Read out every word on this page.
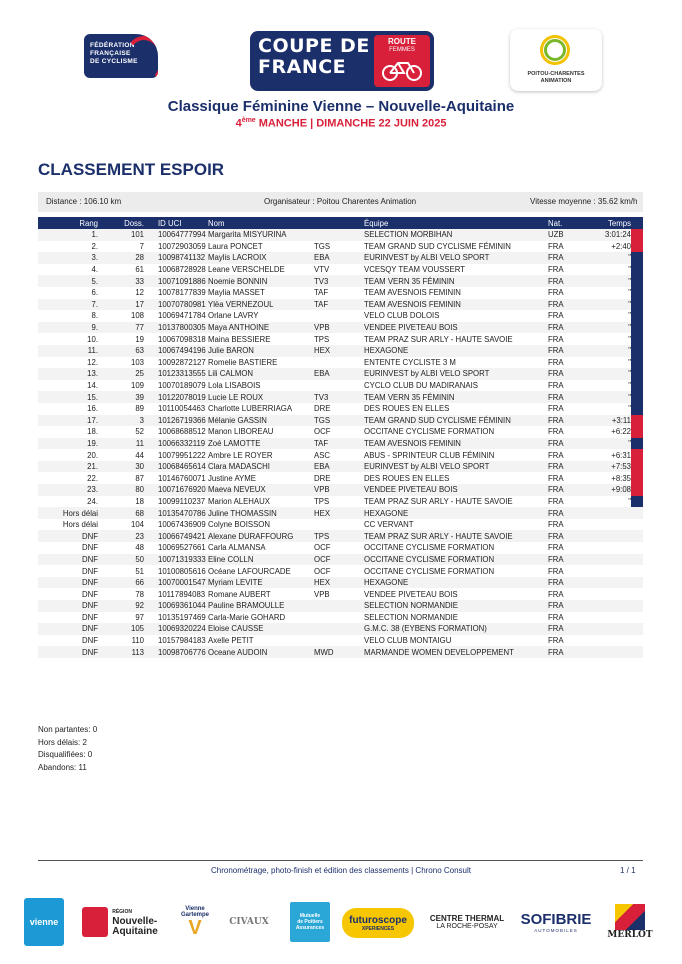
FÉDÉRATION
FRANÇAISE
DE CYCLISME
COUPE DE
FRANCE
ROUTE
FEMMES
POITOU-CHARENTES
ANIMATION
Classique Féminine Vienne – Nouvelle-Aquitaine
4ème MANCHE | DIMANCHE 22 JUIN 2025
CLASSEMENT ESPOIR
Distance : 106.10 km	Organisateur : Poitou Charentes Animation	Vitesse moyenne : 35.62 km/h
Rang	Doss.	ID UCI	Nom		Équipe	Nat.	Temps	
1.	101	10064777994	Margarita MISYURINA		SELECTION MORBIHAN	UZB	3:01:24	

2.	7	10072903059	Laura PONCET	TGS	TEAM GRAND SUD CYCLISME FÉMININ	FRA	+2:40	

3.	28	10098741132	Maylis LACROIX	EBA	EURINVEST by ALBI VELO SPORT	FRA	"	

4.	61	10068728928	Leane VERSCHELDE	VTV	VCESQY TEAM VOUSSERT	FRA	"	

5.	33	10071091886	Noemie BONNIN	TV3	TEAM VERN 35 FÉMININ	FRA	"	

6.	12	10078177839	Maylia MASSET	TAF	TEAM AVESNOIS FEMININ	FRA	"	

7.	17	10070780981	Ylëa VERNEZOUL	TAF	TEAM AVESNOIS FEMININ	FRA	"	

8.	108	10069471784	Orlane LAVRY		VELO CLUB DOLOIS	FRA	"	

9.	77	10137800305	Maya ANTHOINE	VPB	VENDEE PIVETEAU BOIS	FRA	"	

10.	19	10067098318	Maina BESSIERE	TPS	TEAM PRAZ SUR ARLY - HAUTE SAVOIE	FRA	"	

11.	63	10067494196	Julie BARON	HEX	HEXAGONE	FRA	"	

12.	103	10092872127	Romelie BASTIERE		ENTENTE CYCLISTE 3 M	FRA	"	

13.	25	10123313555	Lili CALMON	EBA	EURINVEST by ALBI VELO SPORT	FRA	"	

14.	109	10070189079	Lola LISABOIS		CYCLO CLUB DU MADIRANAIS	FRA	"	

15.	39	10122078019	Lucie LE ROUX	TV3	TEAM VERN 35 FÉMININ	FRA	"	

16.	89	10110054463	Charlotte LUBERRIAGA	DRE	DES ROUES EN ELLES	FRA	"	

17.	3	10126719366	Mélanie GASSIN	TGS	TEAM GRAND SUD CYCLISME FÉMININ	FRA	+3:11	

18.	52	10068688512	Manon LIBOREAU	OCF	OCCITANE CYCLISME FORMATION	FRA	+6:22	

19.	11	10066332119	Zoé LAMOTTE	TAF	TEAM AVESNOIS FEMININ	FRA	"	

20.	44	10079951222	Ambre LE ROYER	ASC	ABUS - SPRINTEUR CLUB FÉMININ	FRA	+6:31	

21.	30	10068465614	Clara MADASCHI	EBA	EURINVEST by ALBI VELO SPORT	FRA	+7:53	

22.	87	10146760071	Justine AYME	DRE	DES ROUES EN ELLES	FRA	+8:35	

23.	80	10071676920	Maeva NEVEUX	VPB	VENDEE PIVETEAU BOIS	FRA	+9:08	

24.	18	10099110237	Marion ALEHAUX	TPS	TEAM PRAZ SUR ARLY - HAUTE SAVOIE	FRA	"	

Hors délai	68	10135470786	Juline THOMASSIN	HEX	HEXAGONE	FRA		
Hors délai	104	10067436909	Colyne BOISSON		CC VERVANT	FRA		
DNF	23	10066749421	Alexane DURAFFOURG	TPS	TEAM PRAZ SUR ARLY - HAUTE SAVOIE	FRA		
DNF	48	10069527661	Carla ALMANSA	OCF	OCCITANE CYCLISME FORMATION	FRA		
DNF	50	10071319333	Eline COLLN	OCF	OCCITANE CYCLISME FORMATION	FRA		
DNF	51	10100805616	Océane LAFOURCADE	OCF	OCCITANE CYCLISME FORMATION	FRA		
DNF	66	10070001547	Myriam LEVITE	HEX	HEXAGONE	FRA		
DNF	78	10117894083	Romane AUBERT	VPB	VENDEE PIVETEAU BOIS	FRA		
DNF	92	10069361044	Pauline BRAMOULLE		SELECTION NORMANDIE	FRA		
DNF	97	10135197469	Carla-Marie GOHARD		SELECTION NORMANDIE	FRA		
DNF	105	10069320224	Eloise CAUSSE		G.M.C. 38 (EYBENS FORMATION)	FRA		
DNF	110	10157984183	Axelle PETIT		VELO CLUB MONTAIGU	FRA		
DNF	113	10098706776	Oceane AUDOIN	MWD	MARMANDE WOMEN DEVELOPPEMENT	FRA		
Non partantes: 0
Hors délais: 2
Disqualifiées: 0
Abandons: 11
Chronométrage, photo-finish et édition des classements | Chrono Consult	1 / 1
vienne
RÉGION
Nouvelle-
Aquitaine
Vienne
Gartempe
V	CIVAUX
Mutuelle
de Poitiers
Assurances
futuroscope
XPERIENCES
CENTRE THERMAL
LA ROCHE-POSAY SOFIBRIE
AUTOMOBILES	MERLOT
